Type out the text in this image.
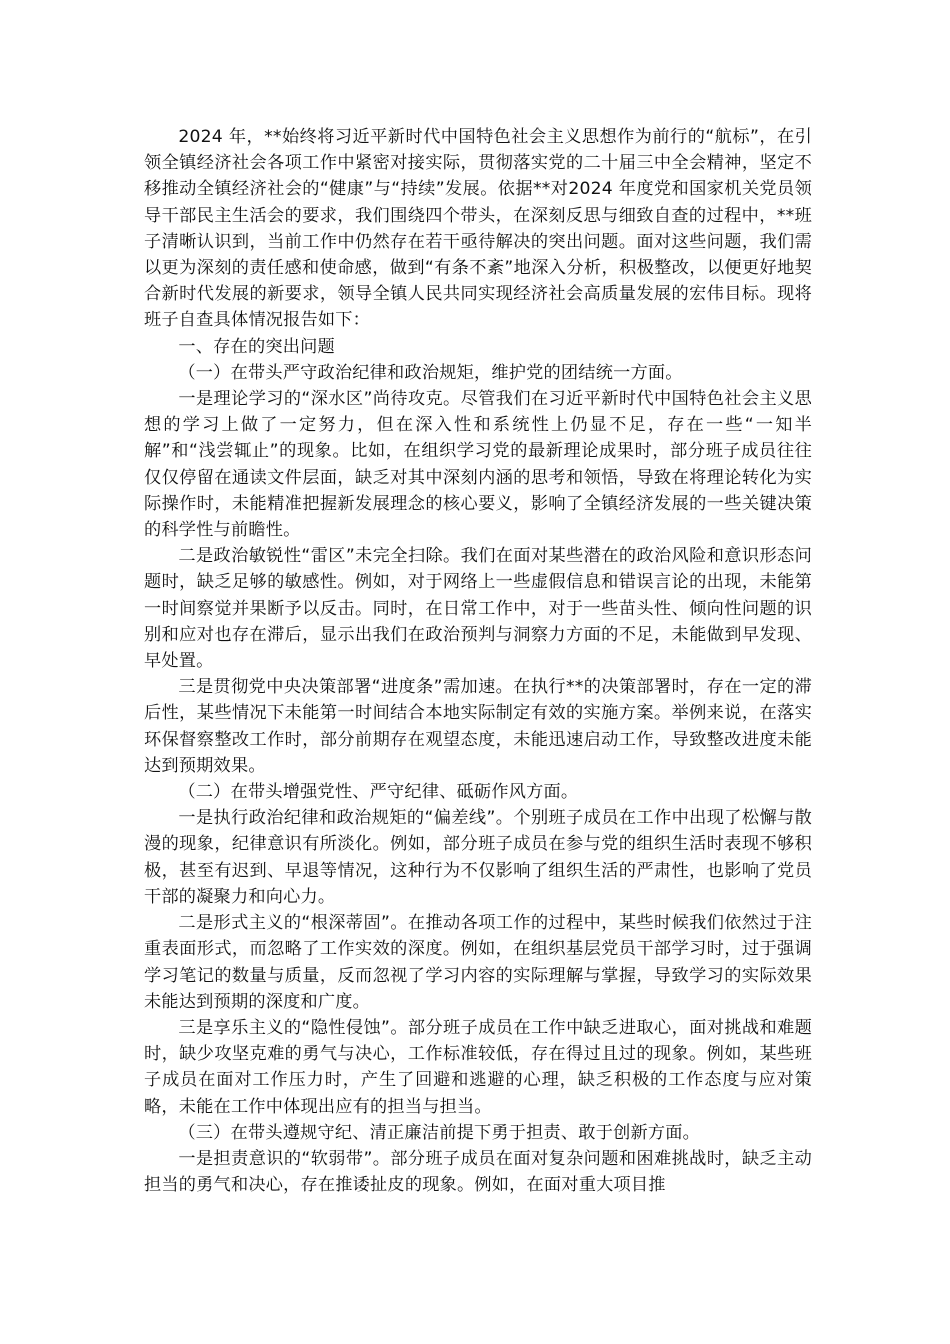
2024 年，**始终将习近平新时代中国特色社会主义思想作为前行的“航标”，在引领全镇经济社会各项工作中紧密对接实际，贯彻落实党的二十届三中全会精神，坚定不移推动全镇经济社会的“健康”与“持续”发展。依据**对2024 年度党和国家机关党员领导干部民主生活会的要求，我们围绕四个带头，在深刻反思与细致自查的过程中，**班子清晰认识到，当前工作中仍然存在若干亟待解决的突出问题。面对这些问题，我们需以更为深刻的责任感和使命感，做到“有条不紊”地深入分析，积极整改，以便更好地契合新时代发展的新要求，领导全镇人民共同实现经济社会高质量发展的宏伟目标。现将班子自查具体情况报告如下：

一、存在的突出问题

（一）在带头严守政治纪律和政治规矩，维护党的团结统一方面。

一是理论学习的“深水区”尚待攻克。尽管我们在习近平新时代中国特色社会主义思想的学习上做了一定努力，但在深入性和系统性上仍显不足，存在一些“一知半解”和“浅尝辄止”的现象。比如，在组织学习党的最新理论成果时，部分班子成员往往仅仅停留在通读文件层面，缺乏对其中深刻内涵的思考和领悟，导致在将理论转化为实际操作时，未能精准把握新发展理念的核心要义，影响了全镇经济发展的一些关键决策的科学性与前瞻性。

二是政治敏锐性“雷区”未完全扫除。我们在面对某些潜在的政治风险和意识形态问题时，缺乏足够的敏感性。例如，对于网络上一些虚假信息和错误言论的出现，未能第一时间察觉并果断予以反击。同时，在日常工作中，对于一些苗头性、倾向性问题的识别和应对也存在滞后，显示出我们在政治预判与洞察力方面的不足，未能做到早发现、早处置。

三是贯彻党中央决策部署“进度条”需加速。在执行**的决策部署时，存在一定的滞后性，某些情况下未能第一时间结合本地实际制定有效的实施方案。举例来说，在落实环保督察整改工作时，部分前期存在观望态度，未能迅速启动工作，导致整改进度未能达到预期效果。

（二）在带头增强党性、严守纪律、砥砺作风方面。

一是执行政治纪律和政治规矩的“偏差线”。个别班子成员在工作中出现了松懈与散漫的现象，纪律意识有所淡化。例如，部分班子成员在参与党的组织生活时表现不够积极，甚至有迟到、早退等情况，这种行为不仅影响了组织生活的严肃性，也影响了党员干部的凝聚力和向心力。

二是形式主义的“根深蒂固”。在推动各项工作的过程中，某些时候我们依然过于注重表面形式，而忽略了工作实效的深度。例如，在组织基层党员干部学习时，过于强调学习笔记的数量与质量，反而忽视了学习内容的实际理解与掌握，导致学习的实际效果未能达到预期的深度和广度。

三是享乐主义的“隐性侵蚀”。部分班子成员在工作中缺乏进取心，面对挑战和难题时，缺少攻坚克难的勇气与决心，工作标准较低，存在得过且过的现象。例如，某些班子成员在面对工作压力时，产生了回避和逃避的心理，缺乏积极的工作态度与应对策略，未能在工作中体现出应有的担当与担当。

（三）在带头遵规守纪、清正廉洁前提下勇于担责、敢于创新方面。

一是担责意识的“软弱带”。部分班子成员在面对复杂问题和困难挑战时，缺乏主动担当的勇气和决心，存在推诿扯皮的现象。例如，在面对重大项目推
